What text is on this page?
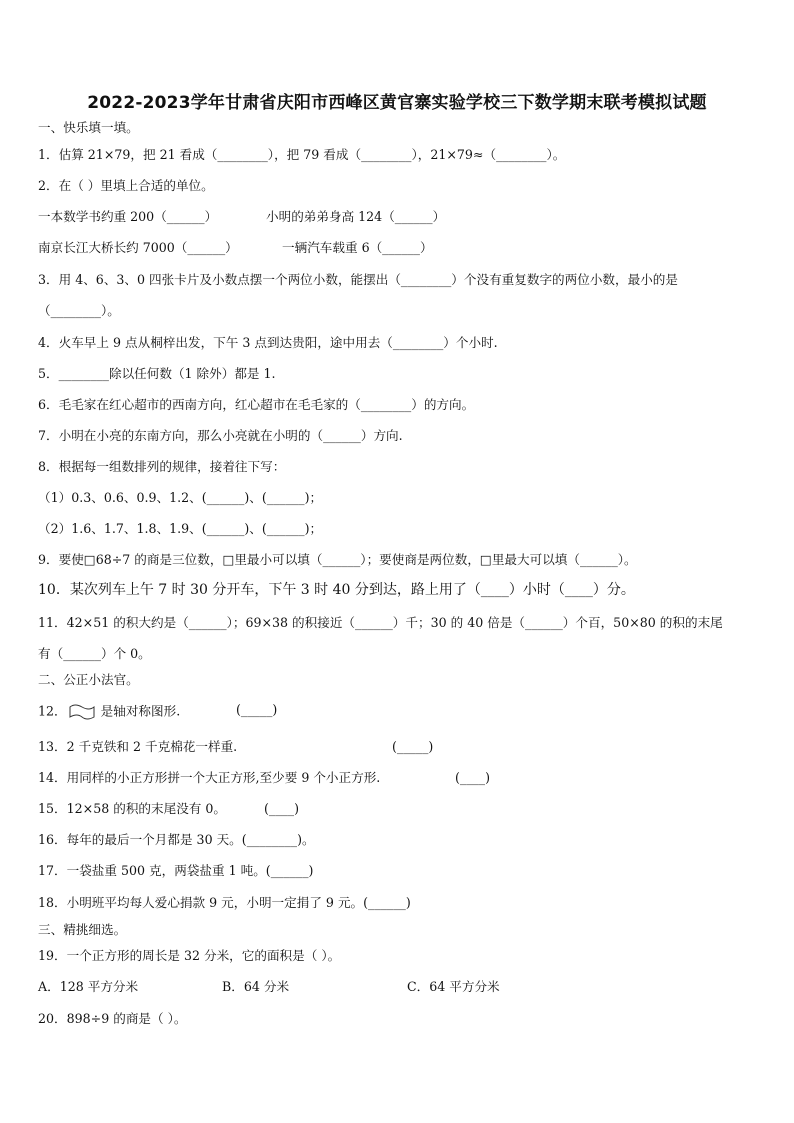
2022-2023学年甘肃省庆阳市西峰区黄官寨实验学校三下数学期末联考模拟试题
一、快乐填一填。
1．估算 21×79，把 21 看成（________），把 79 看成（________），21×79≈（________）。
2．在（ ）里填上合适的单位。
一本数学书约重 200（______）	小明的弟弟身高 124（______）
南京长江大桥长约 7000（______）	一辆汽车载重 6（______）
3．用 4、6、3、0 四张卡片及小数点摆一个两位小数，能摆出（________）个没有重复数字的两位小数，最小的是
（________）。
4．火车早上 9 点从桐梓出发，下午 3 点到达贵阳，途中用去（________）个小时.
5．________除以任何数（1 除外）都是 1.
6．毛毛家在红心超市的西南方向，红心超市在毛毛家的（________）的方向。
7．小明在小亮的东南方向，那么小亮就在小明的（______）方向.
8．根据每一组数排列的规律，接着往下写：
（1）0.3、0.6、0.9、1.2、(______)、(______)；
（2）1.6、1.7、1.8、1.9、(______)、(______)；
9．要使□68÷7 的商是三位数，□里最小可以填（______）；要使商是两位数，□里最大可以填（______）。
10．某次列车上午 7 时 30 分开车，下午 3 时 40 分到达，路上用了（____）小时（____）分。
11．42×51 的积大约是（______）；69×38 的积接近（______）千；30 的 40 倍是（______）个百，50×80 的积的末尾
有（______）个 0。
二、公正小法官。
12．	是轴对称图形.	(_____)
13．2 千克铁和 2 千克棉花一样重.	(_____)
14．用同样的小正方形拼一个大正方形,至少要 9 个小正方形.	(____)
15．12×58 的积的末尾没有 0。	(____)
16．每年的最后一个月都是 30 天。(________)。
17．一袋盐重 500 克，两袋盐重 1 吨。(______)
18．小明班平均每人爱心捐款 9 元，小明一定捐了 9 元。(______)
三、精挑细选。
19．一个正方形的周长是 32 分米，它的面积是（ ）。
A．128 平方分米	B．64 分米	C．64 平方分米
20．898÷9 的商是（ ）。
